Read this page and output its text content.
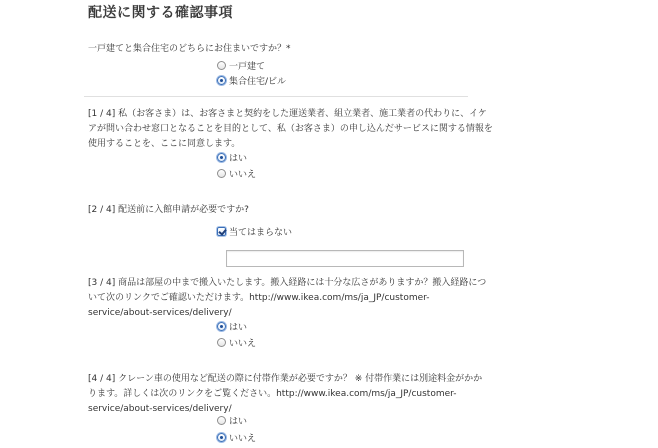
配送に関する確認事項
一戸建てと集合住宅のどちらにお住まいですか？*
一戸建て
集合住宅/ビル
[1 / 4] 私（お客さま）は、お客さまと契約をした運送業者、組立業者、施工業者の代わりに、イケ
アが問い合わせ窓口となることを目的として、私（お客さま）の申し込んだサービスに関する情報を
使用することを、ここに同意します。
はい
いいえ
[2 / 4] 配送前に入館申請が必要ですか?
当てはまらない
[3 / 4] 商品は部屋の中まで搬入いたします。搬入経路には十分な広さがありますか？搬入経路につ
いて次のリンクでご確認いただけます。http://www.ikea.com/ms/ja_JP/customer-
service/about-services/delivery/
はい
いいえ
[4 / 4] クレーン車の使用など配送の際に付帯作業が必要ですか？ ※ 付帯作業には別途料金がかか
ります。詳しくは次のリンクをご覧ください。http://www.ikea.com/ms/ja_JP/customer-
service/about-services/delivery/
はい
いいえ
